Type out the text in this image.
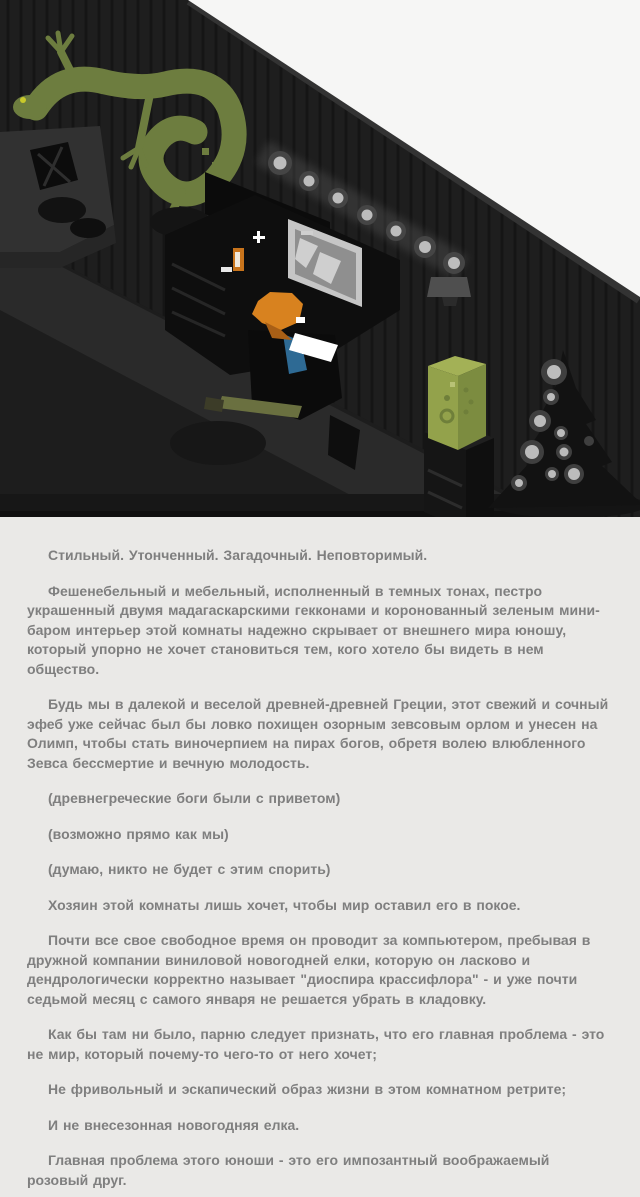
Стильный. Утонченный. Загадочный. Неповторимый.

Фешенебельный и мебельный, исполненный в темных тонах, пестро украшенный двумя мадагаскарскими гекконами и коронованный зеленым мини-баром интерьер этой комнаты надежно скрывает от внешнего мира юношу, который упорно не хочет становиться тем, кого хотело бы видеть в нем общество.

Будь мы в далекой и веселой древней-древней Греции, этот свежий и сочный эфеб уже сейчас был бы ловко похищен озорным зевсовым орлом и унесен на Олимп, чтобы стать виночерпием на пирах богов, обретя волею влюбленного Зевса бессмертие и вечную молодость.

(древнегреческие боги были с приветом)

(возможно прямо как мы)

(думаю, никто не будет с этим спорить)

Хозяин этой комнаты лишь хочет, чтобы мир оставил его в покое.

Почти все свое свободное время он проводит за компьютером, пребывая в дружной компании виниловой новогодней елки, которую он ласково и дендрологически корректно называет "диоспира крассифлора" - и уже почти седьмой месяц с самого января не решается убрать в кладовку.

Как бы там ни было, парню следует признать, что его главная проблема - это не мир, который почему-то чего-то от него хочет;

Не фривольный и эскапический образ жизни в этом комнатном ретрите;

И не внесезонная новогодняя елка.

Главная проблема этого юноши - это его импозантный воображаемый розовый друг.
